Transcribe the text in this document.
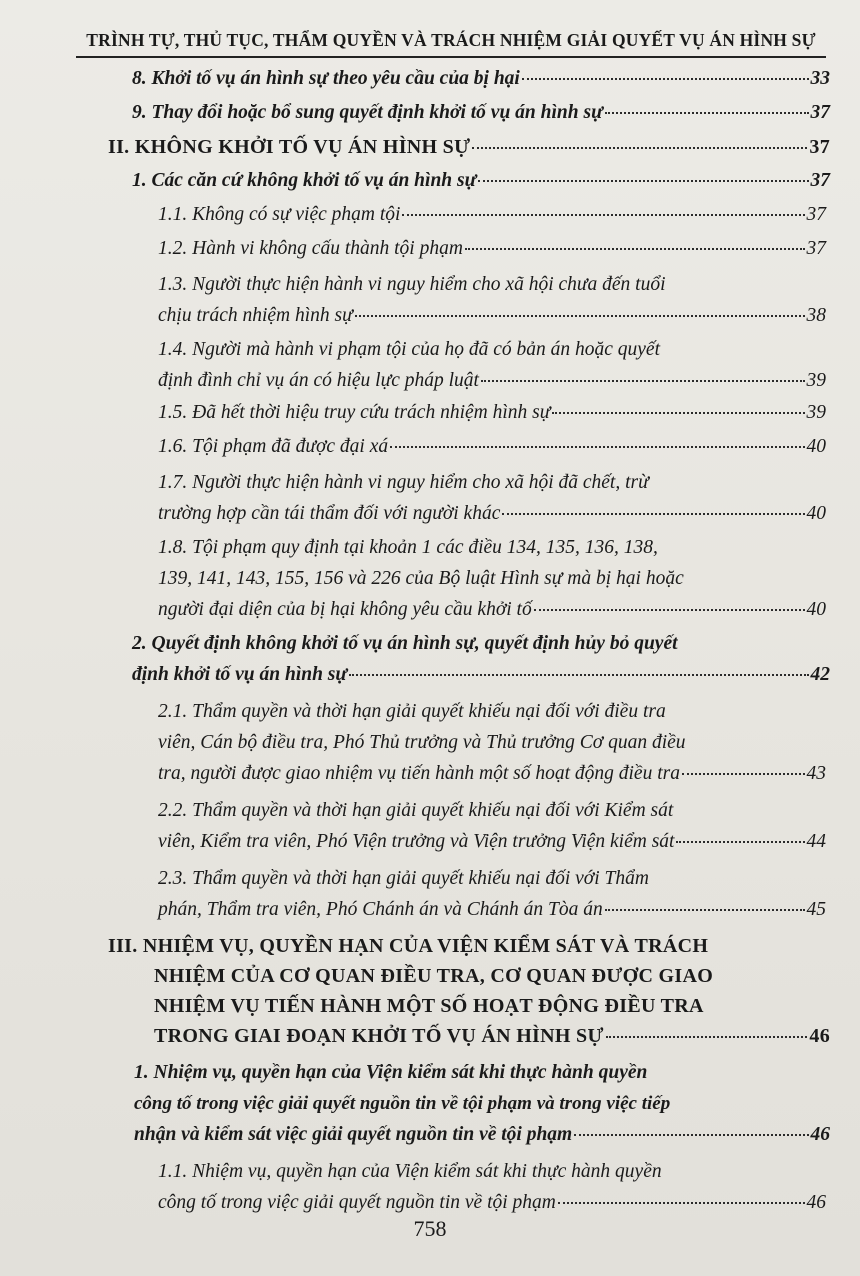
TRÌNH TỰ, THỦ TỤC, THẨM QUYỀN VÀ TRÁCH NHIỆM GIẢI QUYẾT VỤ ÁN HÌNH SỰ
8. Khởi tố vụ án hình sự theo yêu cầu của bị hại	33
9. Thay đổi hoặc bổ sung quyết định khởi tố vụ án hình sự	37
II. KHÔNG KHỞI TỐ VỤ ÁN HÌNH SỰ	37
1. Các căn cứ không khởi tố vụ án hình sự	37
1.1. Không có sự việc phạm tội	37
1.2. Hành vi không cấu thành tội phạm	37
1.3. Người thực hiện hành vi nguy hiểm cho xã hội chưa đến tuổi
chịu trách nhiệm hình sự	38
1.4. Người mà hành vi phạm tội của họ đã có bản án hoặc quyết
định đình chỉ vụ án có hiệu lực pháp luật	39
1.5. Đã hết thời hiệu truy cứu trách nhiệm hình sự	39
1.6. Tội phạm đã được đại xá	40
1.7. Người thực hiện hành vi nguy hiểm cho xã hội đã chết, trừ
trường hợp cần tái thẩm đối với người khác	40
1.8. Tội phạm quy định tại khoản 1 các điều 134, 135, 136, 138,
139, 141, 143, 155, 156 và 226 của Bộ luật Hình sự mà bị hại hoặc
người đại diện của bị hại không yêu cầu khởi tố	40
2. Quyết định không khởi tố vụ án hình sự, quyết định hủy bỏ quyết
định khởi tố vụ án hình sự	42
2.1. Thẩm quyền và thời hạn giải quyết khiếu nại đối với điều tra
viên, Cán bộ điều tra, Phó Thủ trưởng và Thủ trưởng Cơ quan điều
tra, người được giao nhiệm vụ tiến hành một số hoạt động điều tra	43
2.2. Thẩm quyền và thời hạn giải quyết khiếu nại đối với Kiểm sát
viên, Kiểm tra viên, Phó Viện trưởng và Viện trưởng Viện kiểm sát	44
2.3. Thẩm quyền và thời hạn giải quyết khiếu nại đối với Thẩm
phán, Thẩm tra viên, Phó Chánh án và Chánh án Tòa án	45
III. NHIỆM VỤ, QUYỀN HẠN CỦA VIỆN KIỂM SÁT VÀ TRÁCH
NHIỆM CỦA CƠ QUAN ĐIỀU TRA, CƠ QUAN ĐƯỢC GIAO
NHIỆM VỤ TIẾN HÀNH MỘT SỐ HOẠT ĐỘNG ĐIỀU TRA
TRONG GIAI ĐOẠN KHỞI TỐ VỤ ÁN HÌNH SỰ	46
1. Nhiệm vụ, quyền hạn của Viện kiểm sát khi thực hành quyền
công tố trong việc giải quyết nguồn tin về tội phạm và trong việc tiếp
nhận và kiểm sát việc giải quyết nguồn tin về tội phạm	46
1.1. Nhiệm vụ, quyền hạn của Viện kiểm sát khi thực hành quyền
công tố trong việc giải quyết nguồn tin về tội phạm	46
758
